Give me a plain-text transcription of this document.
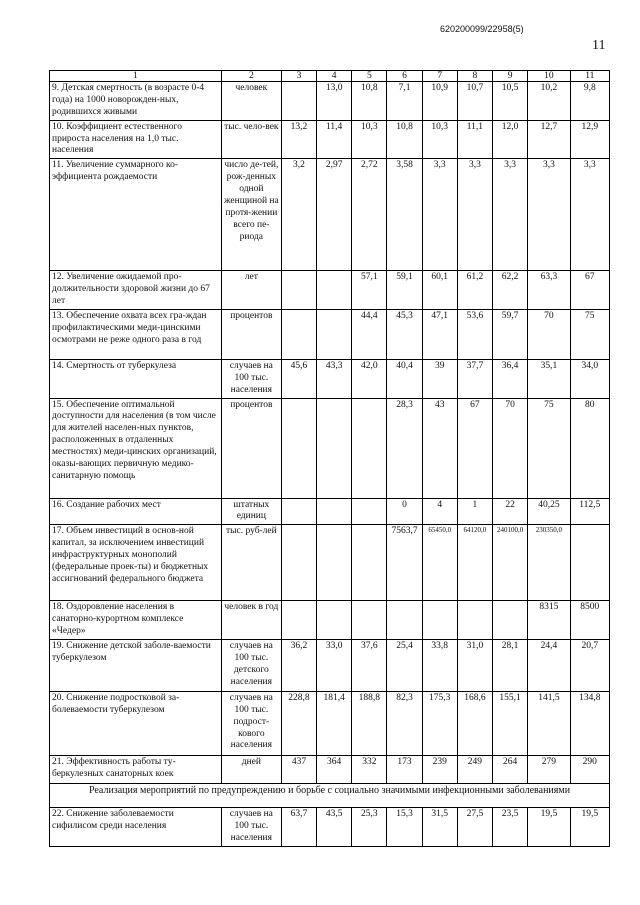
620200099/22958(5)
11
1	2	3	4	5	6	7	8	9	10	11
9. Детская смертность (в возрасте 0-4 года) на 1000 новорожден-ных, родившихся живыми	человек		13,0	10,8	7,1	10,9	10,7	10,5	10,2	9,8
10. Коэффициент естественного прироста населения на 1,0 тыс. населения	тыс. чело-век	13,2	11,4	10,3	10,8	10,3	11,1	12,0	12,7	12,9
11. Увеличение суммарного ко-эффициента рождаемости	число де-тей, рож-денных одной женщиной на протя-жении всего пе-риода	3,2	2,97	2,72	3,58	3,3	3,3	3,3	3,3	3,3
12. Увеличение ожидаемой про-должительности здоровой жизни до 67 лет	лет			57,1	59,1	60,1	61,2	62,2	63,3	67
13. Обеспечение охвата всех гра-ждан профилактическими меди-цинскими осмотрами не реже одного раза в год	процентов			44,4	45,3	47,1	53,6	59,7	70	75
14. Смертность от туберкулеза	случаев на 100 тыс. населения	45,6	43,3	42,0	40,4	39	37,7	36,4	35,1	34,0
15. Обеспечение оптимальной доступности для населения (в том числе для жителей населен-ных пунктов, расположенных в отдаленных местностях) меди-цинских организаций, оказы-вающих первичную медико-санитарную помощь	процентов				28,3	43	67	70	75	80
16. Создание рабочих мест	штатных единиц				0	4	1	22	40,25	112,5
17. Объем инвестиций в основ-ной капитал, за исключением инвестиций инфраструктурных монополий (федеральные проек-ты) и бюджетных ассигнований федерального бюджета	тыс. руб-лей				7563,7	65450,0	64120,0	240100,0	230350,0	
18. Оздоровление населения в санаторно-курортном комплексе «Чедер»	человек в год								8315	8500
19. Снижение детской заболе-ваемости туберкулезом	случаев на 100 тыс. детского населения	36,2	33,0	37,6	25,4	33,8	31,0	28,1	24,4	20,7
20. Снижение подростковой за-болеваемости туберкулезом	случаев на 100 тыс. подрост-кового населения	228,8	181,4	188,8	82,3	175,3	168,6	155,1	141,5	134,8
21. Эффективность работы ту-беркулезных санаторных коек	дней	437	364	332	173	239	249	264	279	290
Реализация мероприятий по предупреждению и борьбе с социально значимыми инфекционными заболеваниями										
22. Снижение заболеваемости сифилисом среди населения	случаев на 100 тыс. населения	63,7	43,5	25,3	15,3	31,5	27,5	23,5	19,5	19,5
